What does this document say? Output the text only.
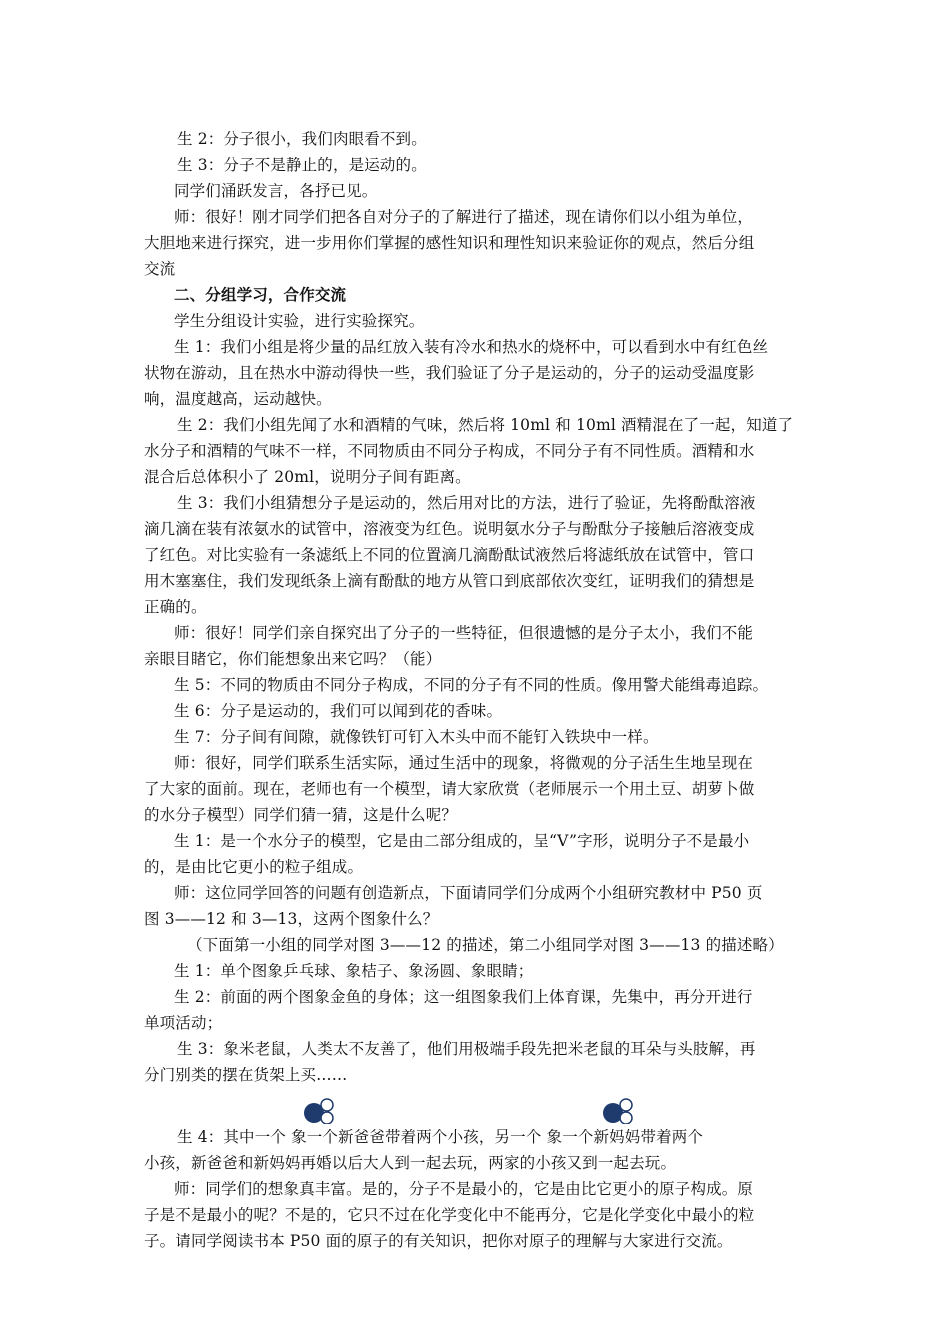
生 2：分子很小，我们肉眼看不到。
生 3：分子不是静止的，是运动的。
同学们涌跃发言，各抒已见。
师：很好！刚才同学们把各自对分子的了解进行了描述，现在请你们以小组为单位，
大胆地来进行探究，进一步用你们掌握的感性知识和理性知识来验证你的观点，然后分组
交流
二、分组学习，合作交流
学生分组设计实验，进行实验探究。
生 1：我们小组是将少量的品红放入装有冷水和热水的烧杯中，可以看到水中有红色丝
状物在游动，且在热水中游动得快一些，我们验证了分子是运动的，分子的运动受温度影
响，温度越高，运动越快。
生 2：我们小组先闻了水和酒精的气味，然后将 10ml 和 10ml 酒精混在了一起，知道了
水分子和酒精的气味不一样，不同物质由不同分子构成，不同分子有不同性质。酒精和水
混合后总体积小了 20ml，说明分子间有距离。
生 3：我们小组猜想分子是运动的，然后用对比的方法，进行了验证，先将酚酞溶液
滴几滴在装有浓氨水的试管中，溶液变为红色。说明氨水分子与酚酞分子接触后溶液变成
了红色。对比实验有一条滤纸上不同的位置滴几滴酚酞试液然后将滤纸放在试管中，管口
用木塞塞住，我们发现纸条上滴有酚酞的地方从管口到底部依次变红，证明我们的猜想是
正确的。
师：很好！同学们亲自探究出了分子的一些特征，但很遗憾的是分子太小，我们不能
亲眼目睹它，你们能想象出来它吗？（能）
生 5：不同的物质由不同分子构成，不同的分子有不同的性质。像用警犬能缉毒追踪。
生 6：分子是运动的，我们可以闻到花的香味。
生 7：分子间有间隙，就像铁钉可钉入木头中而不能钉入铁块中一样。
师：很好，同学们联系生活实际，通过生活中的现象，将微观的分子活生生地呈现在
了大家的面前。现在，老师也有一个模型，请大家欣赏（老师展示一个用土豆、胡萝卜做
的水分子模型）同学们猜一猜，这是什么呢？
生 1：是一个水分子的模型，它是由二部分组成的，呈“V”字形，说明分子不是最小
的，是由比它更小的粒子组成。
师：这位同学回答的问题有创造新点，下面请同学们分成两个小组研究教材中 P50 页
图 3——12 和 3—13，这两个图象什么？
（下面第一小组的同学对图 3——12 的描述，第二小组同学对图 3——13 的描述略）
生 1：单个图象乒乓球、象桔子、象汤圆、象眼睛；
生 2：前面的两个图象金鱼的身体；这一组图象我们上体育课，先集中，再分开进行
单项活动；
生 3：象米老鼠，人类太不友善了，他们用极端手段先把米老鼠的耳朵与头肢解，再
分门别类的摆在货架上买……
生 4：其中一个 象一个新爸爸带着两个小孩，另一个 象一个新妈妈带着两个
小孩，新爸爸和新妈妈再婚以后大人到一起去玩，两家的小孩又到一起去玩。
师：同学们的想象真丰富。是的，分子不是最小的，它是由比它更小的原子构成。原
子是不是最小的呢？不是的，它只不过在化学变化中不能再分，它是化学变化中最小的粒
子。请同学阅读书本 P50 面的原子的有关知识，把你对原子的理解与大家进行交流。
